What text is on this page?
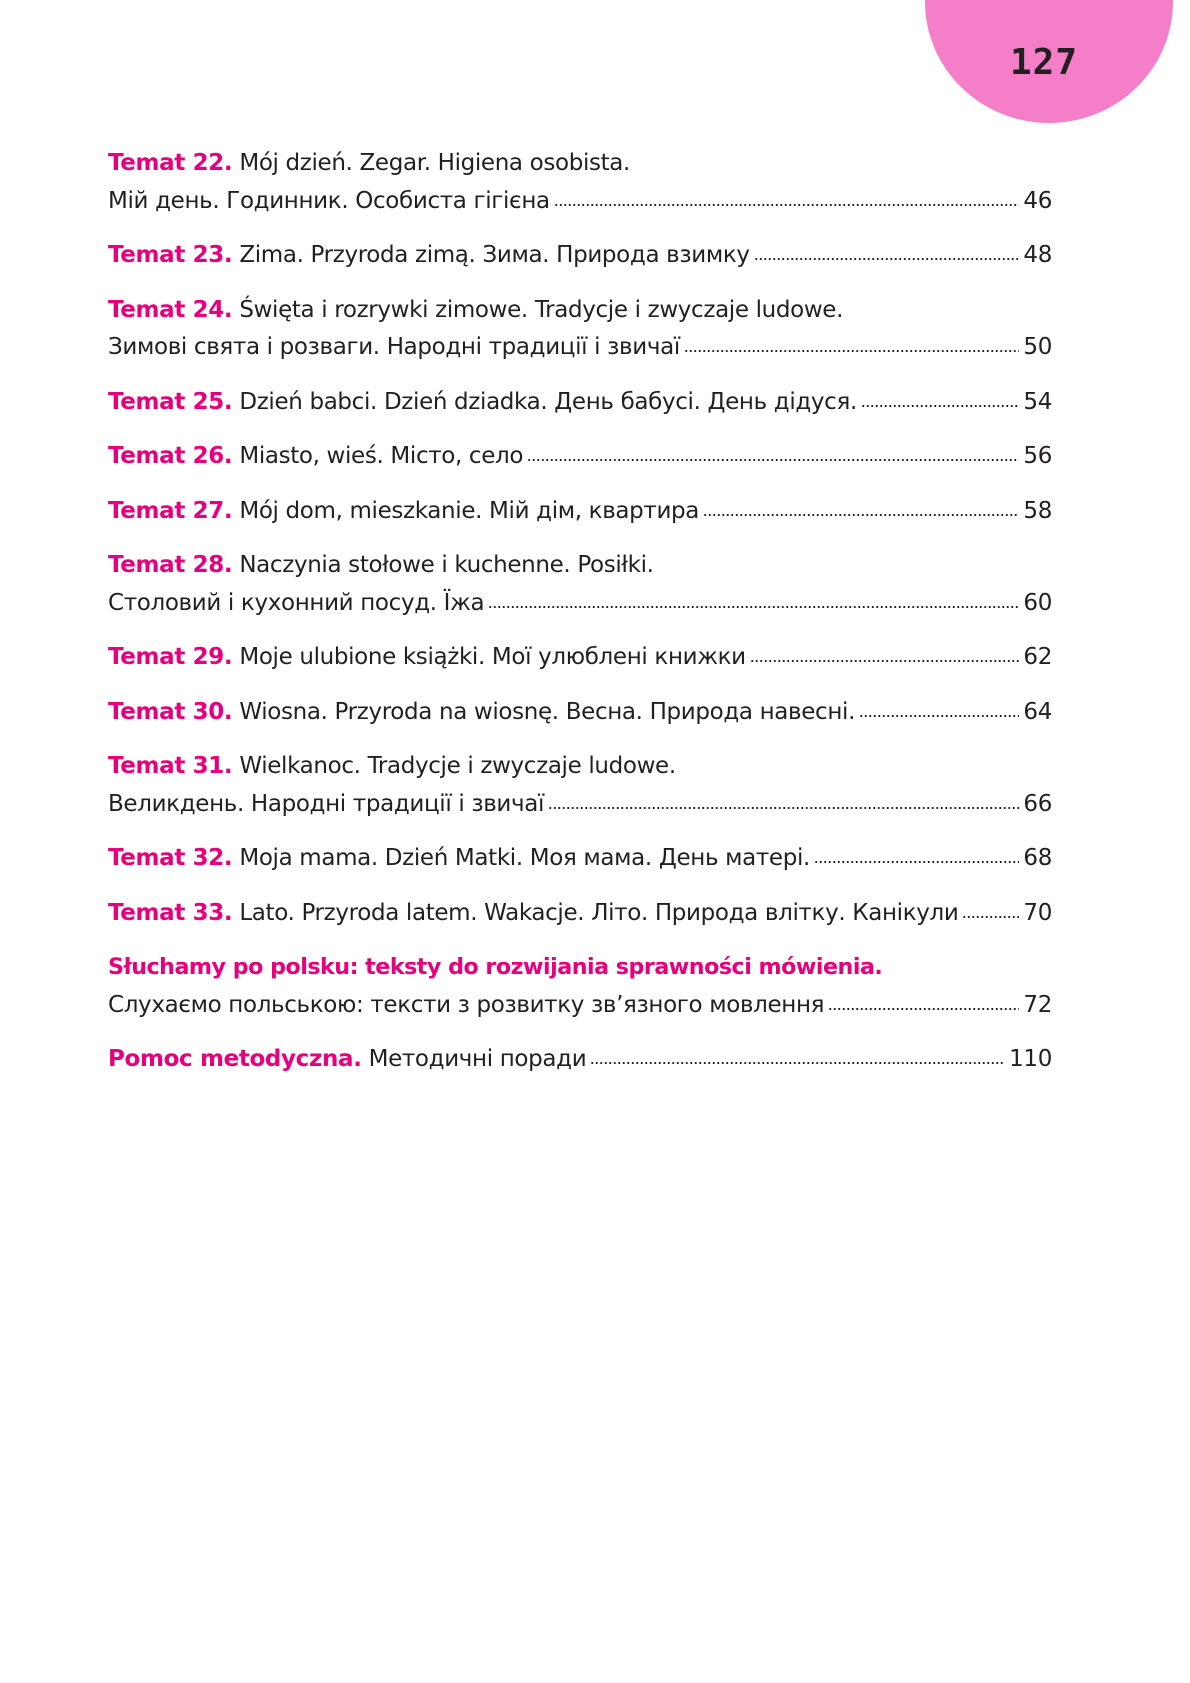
127
Temat 22. Mój dzień. Zegar. Higiena osobista.
Мій день. Годинник. Особиста гігієна	46
Temat 23. Zima. Przyroda zimą. Зима. Природа взимку	48
Temat 24. Święta i rozrywki zimowe. Tradycje i zwyczaje ludowe.
Зимові свята і розваги. Народні традиції і звичаї	50
Temat 25. Dzień babci. Dzień dziadka. День бабусі. День дідуся.	54
Temat 26. Miasto, wieś. Місто, село	56
Temat 27. Mój dom, mieszkanie. Мій дім, квартира	58
Temat 28. Naczynia stołowe i kuchenne. Posiłki.
Столовий і кухонний посуд. Їжа	60
Temat 29. Moje ulubione książki. Мої улюблені книжки	62
Temat 30. Wiosna. Przyroda na wiosnę. Весна. Природа навесні.	64
Temat 31. Wielkanoc. Tradycje i zwyczaje ludowe.
Великдень. Народні традиції і звичаї	66
Temat 32. Moja mama. Dzień Matki. Моя мама. День матері.	68
Temat 33. Lato. Przyroda latem. Wakacje. Літо. Природа влітку. Канікули	70
Słuchamy po polsku: teksty do rozwijania sprawności mówienia.
Слухаємо польською: тексти з розвитку зв’язного мовлення	72
Pomoc metodyczna. Методичні поради	110
